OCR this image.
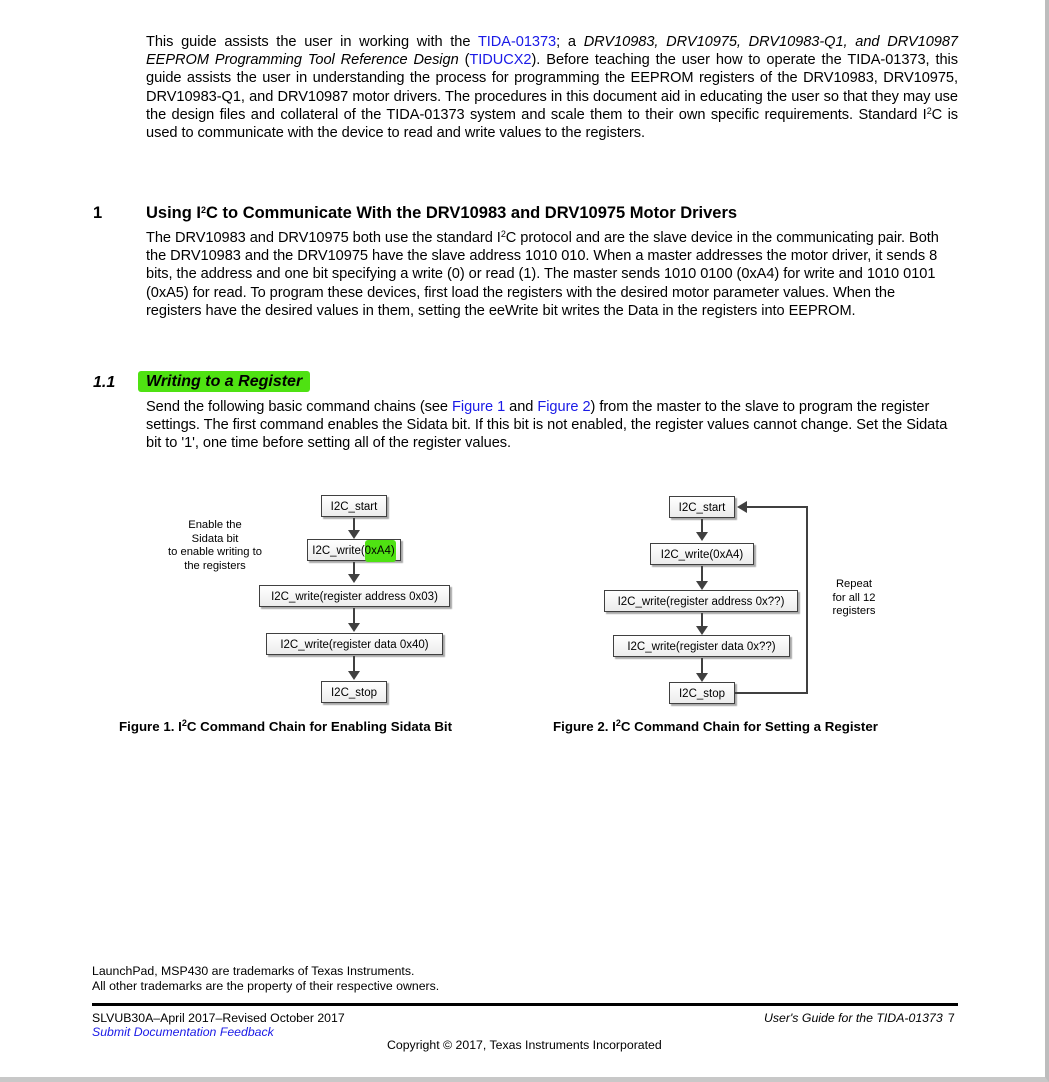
This guide assists the user in working with the TIDA-01373; a DRV10983, DRV10975, DRV10983-Q1, and DRV10987 EEPROM Programming Tool Reference Design (TIDUCX2). Before teaching the user how to operate the TIDA-01373, this guide assists the user in understanding the process for programming the EEPROM registers of the DRV10983, DRV10975, DRV10983-Q1, and DRV10987 motor drivers. The procedures in this document aid in educating the user so that they may use the design files and collateral of the TIDA-01373 system and scale them to their own specific requirements. Standard $I^2C$ is used to communicate with the device to read and write values to the registers.
1	Using $I^2C$ to Communicate With the DRV10983 and DRV10975 Motor Drivers
The DRV10983 and DRV10975 both use the standard $I^2C$ protocol and are the slave device in the communicating pair. Both the DRV10983 and the DRV10975 have the slave address 1010 010. When a master addresses the motor driver, it sends 8 bits, the address and one bit specifying a write (0) or read (1). The master sends 1010 0100 (0xA4) for write and 1010 0101 (0xA5) for read. To program these devices, first load the registers with the desired motor parameter values. When the registers have the desired values in them, setting the eeWrite bit writes the Data in the registers into EEPROM.
1.1	Writing to a Register
Send the following basic command chains (see Figure 1 and Figure 2) from the master to the slave to program the register settings. The first command enables the Sidata bit. If this bit is not enabled, the register values cannot change. Set the Sidata bit to '1', one time before setting all of the register values.
Enable the
Sidata bit
to enable writing to
the registers
I2C_start
I2C_write(0xA4)
I2C_write(register address 0x03)
I2C_write(register data 0x40)
I2C_stop
Figure 1. $I^2C$ Command Chain for Enabling Sidata Bit
I2C_start
I2C_write(0xA4)
I2C_write(register address 0x??)
I2C_write(register data 0x??)
I2C_stop
Repeat
for all 12
registers
Figure 2. $I^2C$ Command Chain for Setting a Register
LaunchPad, MSP430 are trademarks of Texas Instruments.
All other trademarks are the property of their respective owners.
SLVUB30A–April 2017–Revised October 2017
Submit Documentation Feedback
User's Guide for the TIDA-01373 7
Copyright © 2017, Texas Instruments Incorporated
